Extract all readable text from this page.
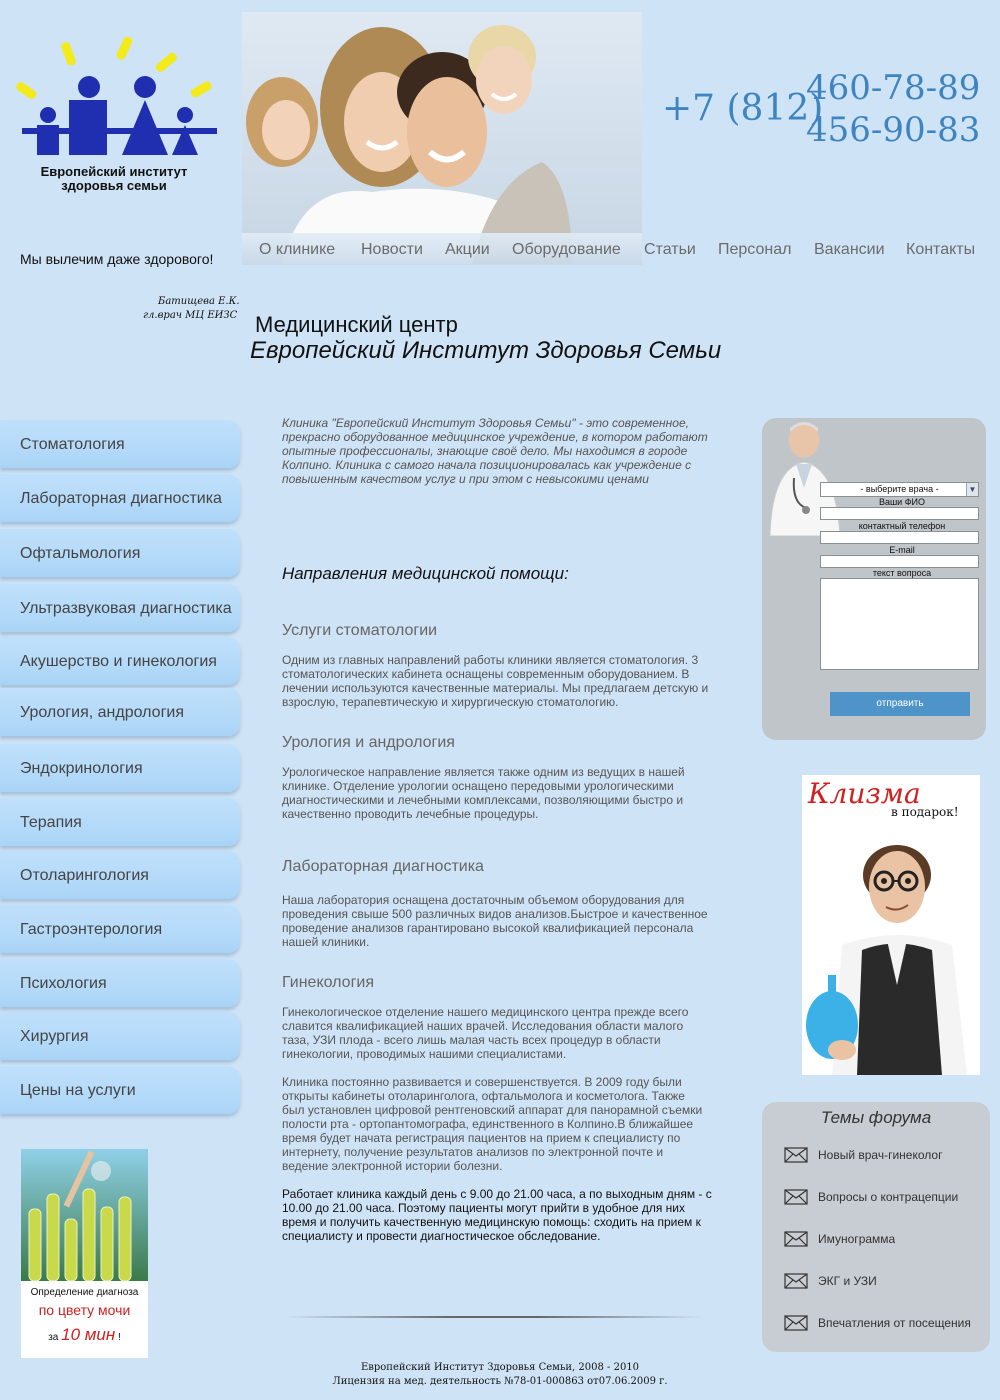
Европейский институт здоровья семьи
Мы вылечим даже здорового!
+7 (812)
460-78-89
456-90-83
О клинике Новости Акции Оборудование Статьи Персонал Вакансии Контакты
Батищева Е.К.
гл.врач МЦ ЕИЗС Медицинский центр
Европейский Институт Здоровья Семьи
Стоматология
Лабораторная диагностика
Офтальмология
Ультразвуковая диагностика
Акушерство и гинекология
Урология, андрология
Эндокринология
Терапия
Отоларингология
Гастроэнтерология
Психология
Хирургия
Цены на услуги
Определение диагноза
по цвету мочи
за 10 мин !
Клиника "Европейский Институт Здоровья Семьи" - это современное, прекрасно оборудованное медицинское учреждение, в котором работают опытные профессионалы, знающие своё дело. Мы находимся в городе Колпино. Клиника с самого начала позиционировалась как учреждение с повышенным качеством услуг и при этом с невысокими ценами
Направления медицинской помощи:
Услуги стоматологии
Одним из главных направлений работы клиники является стоматология. 3 стоматологических кабинета оснащены современным оборудованием. В лечении используются качественные материалы. Мы предлагаем детскую и взрослую, терапевтическую и хирургическую стоматологию.
Урология и андрология
Урологическое направление является также одним из ведущих в нашей клинике. Отделение урологии оснащено передовыми урологическими диагностическими и лечебными комплексами, позволяющими быстро и качественно проводить лечебные процедуры.
Лабораторная диагностика
Наша лаборатория оснащена достаточным объемом оборудования для проведения свыше 500 различных видов анализов.Быстрое и качественное проведение анализов гарантировано высокой квалификацией персонала нашей клиники.
Гинекология
Гинекологическое отделение нашего медицинского центра прежде всего славится квалификацией наших врачей. Исследования области малого таза, УЗИ плода - всего лишь малая часть всех процедур в области гинекологии, проводимых нашими специалистами.
Клиника постоянно развивается и совершенствуется. В 2009 году были открыты кабинеты отоларинголога, офтальмолога и косметолога. Также был установлен цифровой рентгеновский аппарат для панорамной съемки полости рта - ортопантомографа, единственного в Колпино.В ближайшее время будет начата регистрация пациентов на прием к специалисту по интернету, получение результатов анализов по электронной почте и ведение электронной истории болезни.
Работает клиника каждый день с 9.00 до 21.00 часа, а по выходным дням - с 10.00 до 21.00 часа. Поэтому пациенты могут прийти в удобное для них время и получить качественную медицинскую помощь: сходить на прием к специалисту и провести диагностическое обследование.
- выберите врача -	▼
Ваши ФИО
контактный телефон
E-mail
текст вопроса
отправить
Клизма
в подарок!
Темы форума
Новый врач-гинеколог
Вопросы о контрацепции
Имунограмма
ЭКГ и УЗИ
Впечатления от посещения
Европейский Институт Здоровья Семьи, 2008 - 2010
Лицензия на мед. деятельность №78-01-000863 от07.06.2009 г.
